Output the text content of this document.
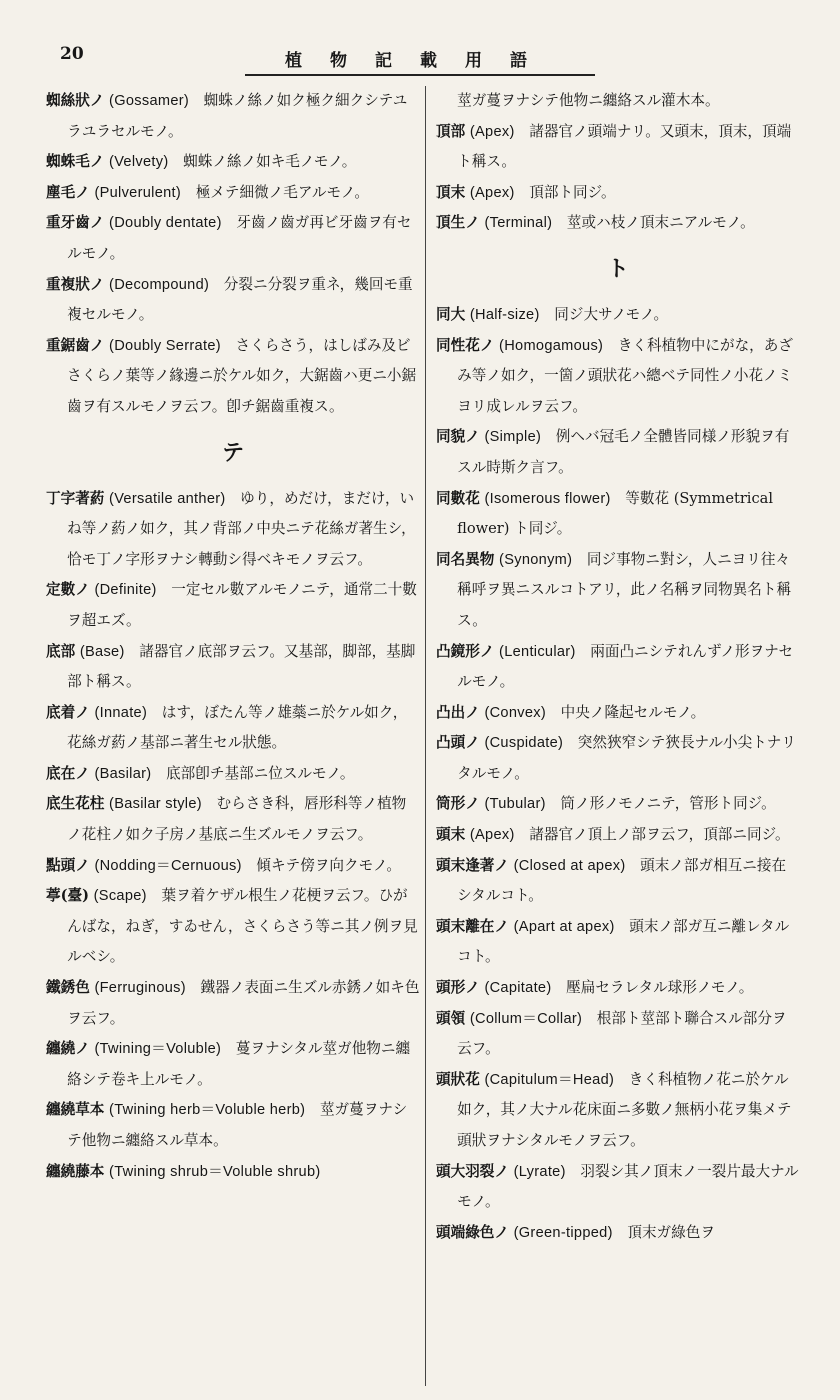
20	植物記載用語
蜘絲狀ノ (Gossamer)　 蜘蛛ノ絲ノ如ク極ク細クシテユラユラセルモノ。
蜘蛛毛ノ (Velvety)　 蜘蛛ノ絲ノ如キ毛ノモノ。
塵毛ノ (Pulverulent)　 極メテ細微ノ毛アルモノ。
重牙齒ノ (Doubly dentate)　 牙齒ノ齒ガ再ビ牙齒ヲ有セルモノ。
重複狀ノ (Decompound)　 分裂ニ分裂ヲ重ネ，幾回モ重複セルモノ。
重鋸齒ノ (Doubly Serrate)　 さくらさう，はしばみ及ビさくらノ葉等ノ緣邊ニ於ケル如ク，大鋸齒ハ更ニ小鋸齒ヲ有スルモノヲ云フ。卽チ鋸齒重複ス。
テ
丁字著葯 (Versatile anther)　 ゆり，めだけ，まだけ，いね等ノ葯ノ如ク，其ノ背部ノ中央ニテ花絲ガ著生シ，恰モ丁ノ字形ヲナシ轉動シ得ベキモノヲ云フ。
定數ノ (Definite)　 一定セル數アルモノニテ，通常二十數ヲ超エズ。
底部 (Base)　 諸器官ノ底部ヲ云フ。又基部，脚部，基脚部ト稱ス。
底着ノ (Innate)　 はす，ぼたん等ノ雄蘂ニ於ケル如ク，花絲ガ葯ノ基部ニ著生セル狀態。
底在ノ (Basilar)　 底部卽チ基部ニ位スルモノ。
底生花柱 (Basilar style)　 むらさき科，唇形科等ノ植物ノ花柱ノ如ク子房ノ基底ニ生ズルモノヲ云フ。
點頭ノ (Nodding＝Cernuous)　 傾キテ傍ヲ向クモノ。
葶(臺) (Scape)　 葉ヲ着ケザル根生ノ花梗ヲ云フ。ひがんばな，ねぎ，すゐせん，さくらさう等ニ其ノ例ヲ見ルベシ。
鐵銹色 (Ferruginous)　 鐵器ノ表面ニ生ズル赤銹ノ如キ色ヲ云フ。
纏繞ノ (Twining＝Voluble)　 蔓ヲナシタル莖ガ他物ニ纏絡シテ卷キ上ルモノ。
纏繞草本 (Twining herb＝Voluble herb)　 莖ガ蔓ヲナシテ他物ニ纏絡スル草本。
纏繞藤本 (Twining shrub＝Voluble shrub)　
莖ガ蔓ヲナシテ他物ニ纏絡スル灌木本。
頂部 (Apex)　 諸器官ノ頭端ナリ。又頭末，頂末，頂端ト稱ス。
頂末 (Apex)　 頂部ト同ジ。
頂生ノ (Terminal)　 莖或ハ枝ノ頂末ニアルモノ。
ト
同大 (Half-size)　 同ジ大サノモノ。
同性花ノ (Homogamous)　 きく科植物中にがな，あざみ等ノ如ク，一箇ノ頭狀花ハ總ベテ同性ノ小花ノミヨリ成レルヲ云フ。
同貌ノ (Simple)　 例ヘバ冠毛ノ全體皆同様ノ形貌ヲ有スル時斯ク言フ。
同數花 (Isomerous flower)　 等數花 (Symmetrical flower) ト同ジ。
同名異物 (Synonym)　 同ジ事物ニ對シ，人ニヨリ往々稱呼ヲ異ニスルコトアリ，此ノ名稱ヲ同物異名ト稱ス。
凸鏡形ノ (Lenticular)　 兩面凸ニシテれんずノ形ヲナセルモノ。
凸出ノ (Convex)　 中央ノ隆起セルモノ。
凸頭ノ (Cuspidate)　 突然狹窄シテ狹長ナル小尖トナリタルモノ。
筒形ノ (Tubular)　 筒ノ形ノモノニテ，管形ト同ジ。
頭末 (Apex)　 諸器官ノ頂上ノ部ヲ云フ，頂部ニ同ジ。
頭末逢著ノ (Closed at apex)　 頭末ノ部ガ相互ニ接在シタルコト。
頭末離在ノ (Apart at apex)　 頭末ノ部ガ互ニ離レタルコト。
頭形ノ (Capitate)　 壓扁セラレタル球形ノモノ。
頭領 (Collum＝Collar)　 根部ト莖部ト聯合スル部分ヲ云フ。
頭狀花 (Capitulum＝Head)　 きく科植物ノ花ニ於ケル如ク，其ノ大ナル花床面ニ多數ノ無柄小花ヲ集メテ頭狀ヲナシタルモノヲ云フ。
頭大羽裂ノ (Lyrate)　 羽裂シ其ノ頂末ノ一裂片最大ナルモノ。
頭端綠色ノ (Green-tipped)　 頂末ガ綠色ヲ
